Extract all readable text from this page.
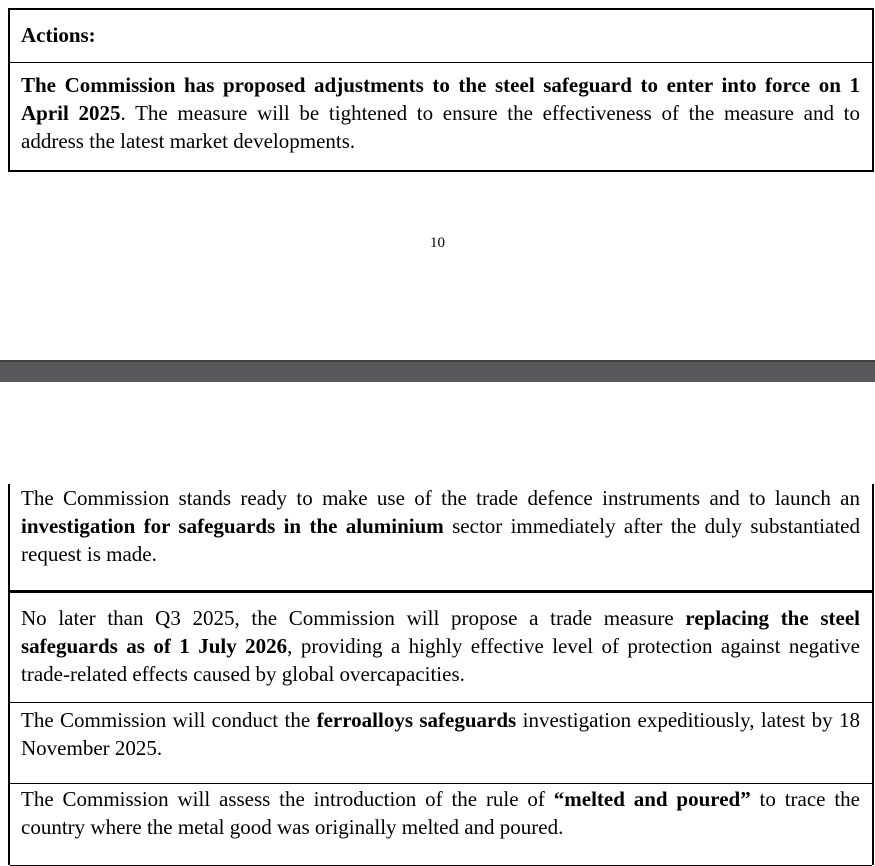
Actions:
The Commission has proposed adjustments to the steel safeguard to enter into force on 1 April 2025. The measure will be tightened to ensure the effectiveness of the measure and to address the latest market developments.
10
The Commission stands ready to make use of the trade defence instruments and to launch an investigation for safeguards in the aluminium sector immediately after the duly substantiated request is made.
No later than Q3 2025, the Commission will propose a trade measure replacing the steel safeguards as of 1 July 2026, providing a highly effective level of protection against negative trade-related effects caused by global overcapacities.
The Commission will conduct the ferroalloys safeguards investigation expeditiously, latest by 18 November 2025.
The Commission will assess the introduction of the rule of “melted and poured” to trace the country where the metal good was originally melted and poured.
